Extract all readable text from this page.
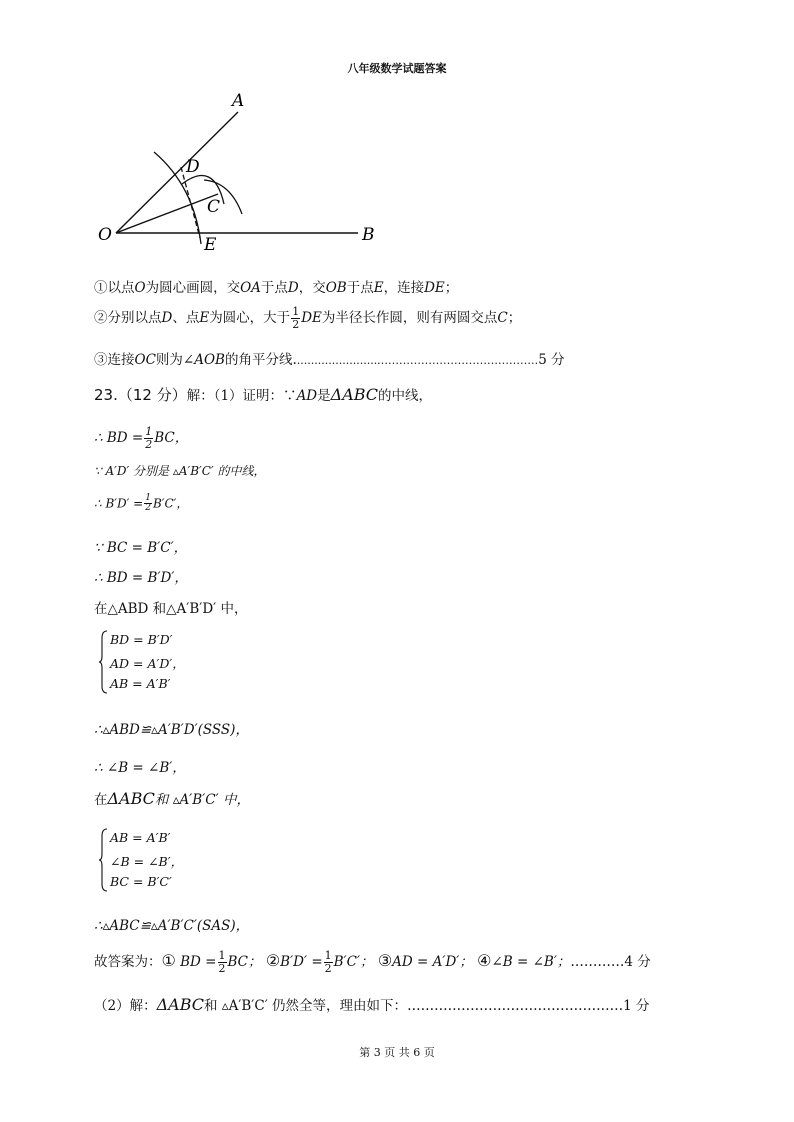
八年级数学试题答案
A
D
C
O	E	B
①以点O为圆心画圆，交OA于点D，交OB于点E，连接DE；
②分别以点D、点E为圆心，大于 $\frac{1}{2}$ DE为半径长作圆，则有两圆交点C；
③连接OC则为∠AOB的角平分线.........................…………………………………….5 分
23.（12 分）解：（1）证明：∵AD是ΔABC的中线，
∴ BD = $\frac{1}{2}$ BC，
∵ A′D′ 分别是 ▵A′B′C′ 的中线，
∴ $B'D' = \frac{1}{2} B'C'$，
∵ BC = B′C′，
∴ BD = B′D′，
在△ABD 和△A′B′D′ 中，
BD = B′D′
AD = A′D′，
AB = A′B′
∴▵ABD≌▵A′B′D′(SSS)，
∴ ∠B = ∠B′，
在ΔABC和 ▵A′B′C′ 中，
AB = A′B′
∠B = ∠B′，
BC = B′C′
∴▵ABC≌▵A′B′C′(SAS)，
故答案为：① BD = $\frac{1}{2}$ BC； ②B′D′ = $\frac{1}{2} B'C'$； ③AD = A′D′； ④∠B = ∠B′；…………4 分
（2）解：ΔABC和 ▵A′B′C′ 仍然全等，理由如下：…………………………………………1 分
第 3 页 共 6 页
